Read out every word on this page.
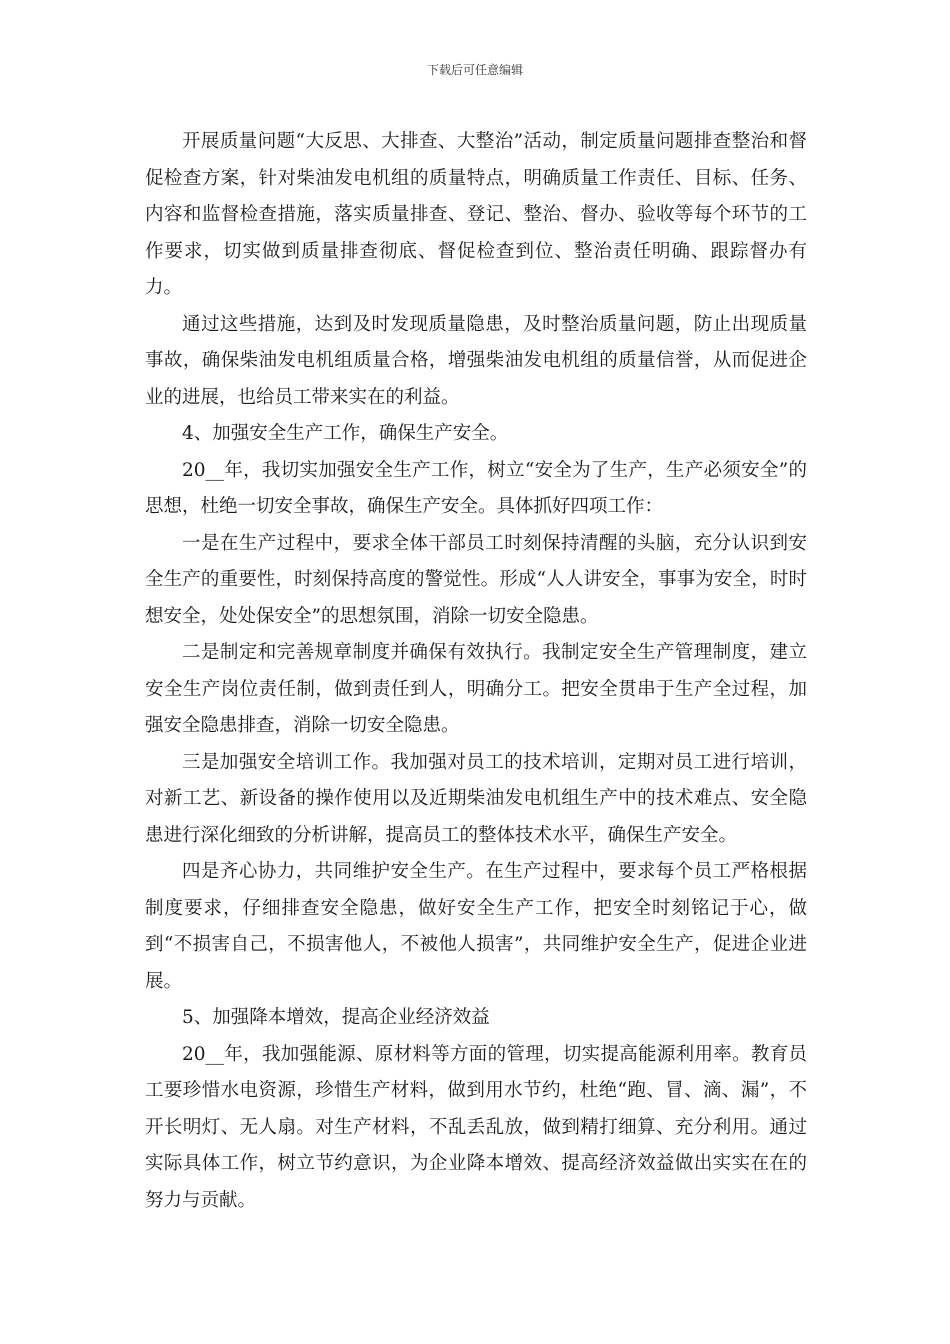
下载后可任意编辑

开展质量问题“大反思、大排查、大整治”活动，制定质量问题排查整治和督促检查方案，针对柴油发电机组的质量特点，明确质量工作责任、目标、任务、内容和监督检查措施，落实质量排查、登记、整治、督办、验收等每个环节的工作要求，切实做到质量排查彻底、督促检查到位、整治责任明确、跟踪督办有力。

通过这些措施，达到及时发现质量隐患，及时整治质量问题，防止出现质量事故，确保柴油发电机组质量合格，增强柴油发电机组的质量信誉，从而促进企业的进展，也给员工带来实在的利益。

4、加强安全生产工作，确保生产安全。

20__年，我切实加强安全生产工作，树立“安全为了生产，生产必须安全”的思想，杜绝一切安全事故，确保生产安全。具体抓好四项工作：

一是在生产过程中，要求全体干部员工时刻保持清醒的头脑，充分认识到安全生产的重要性，时刻保持高度的警觉性。形成“人人讲安全，事事为安全，时时想安全，处处保安全”的思想氛围，消除一切安全隐患。

二是制定和完善规章制度并确保有效执行。我制定安全生产管理制度，建立安全生产岗位责任制，做到责任到人，明确分工。把安全贯串于生产全过程，加强安全隐患排查，消除一切安全隐患。

三是加强安全培训工作。我加强对员工的技术培训，定期对员工进行培训，对新工艺、新设备的操作使用以及近期柴油发电机组生产中的技术难点、安全隐患进行深化细致的分析讲解，提高员工的整体技术水平，确保生产安全。

四是齐心协力，共同维护安全生产。在生产过程中，要求每个员工严格根据制度要求，仔细排查安全隐患，做好安全生产工作，把安全时刻铭记于心，做到“不损害自己，不损害他人，不被他人损害”，共同维护安全生产，促进企业进展。

5、加强降本增效，提高企业经济效益

20__年，我加强能源、原材料等方面的管理，切实提高能源利用率。教育员工要珍惜水电资源，珍惜生产材料，做到用水节约，杜绝“跑、冒、滴、漏”，不开长明灯、无人扇。对生产材料，不乱丢乱放，做到精打细算、充分利用。通过实际具体工作，树立节约意识，为企业降本增效、提高经济效益做出实实在在的努力与贡献。
